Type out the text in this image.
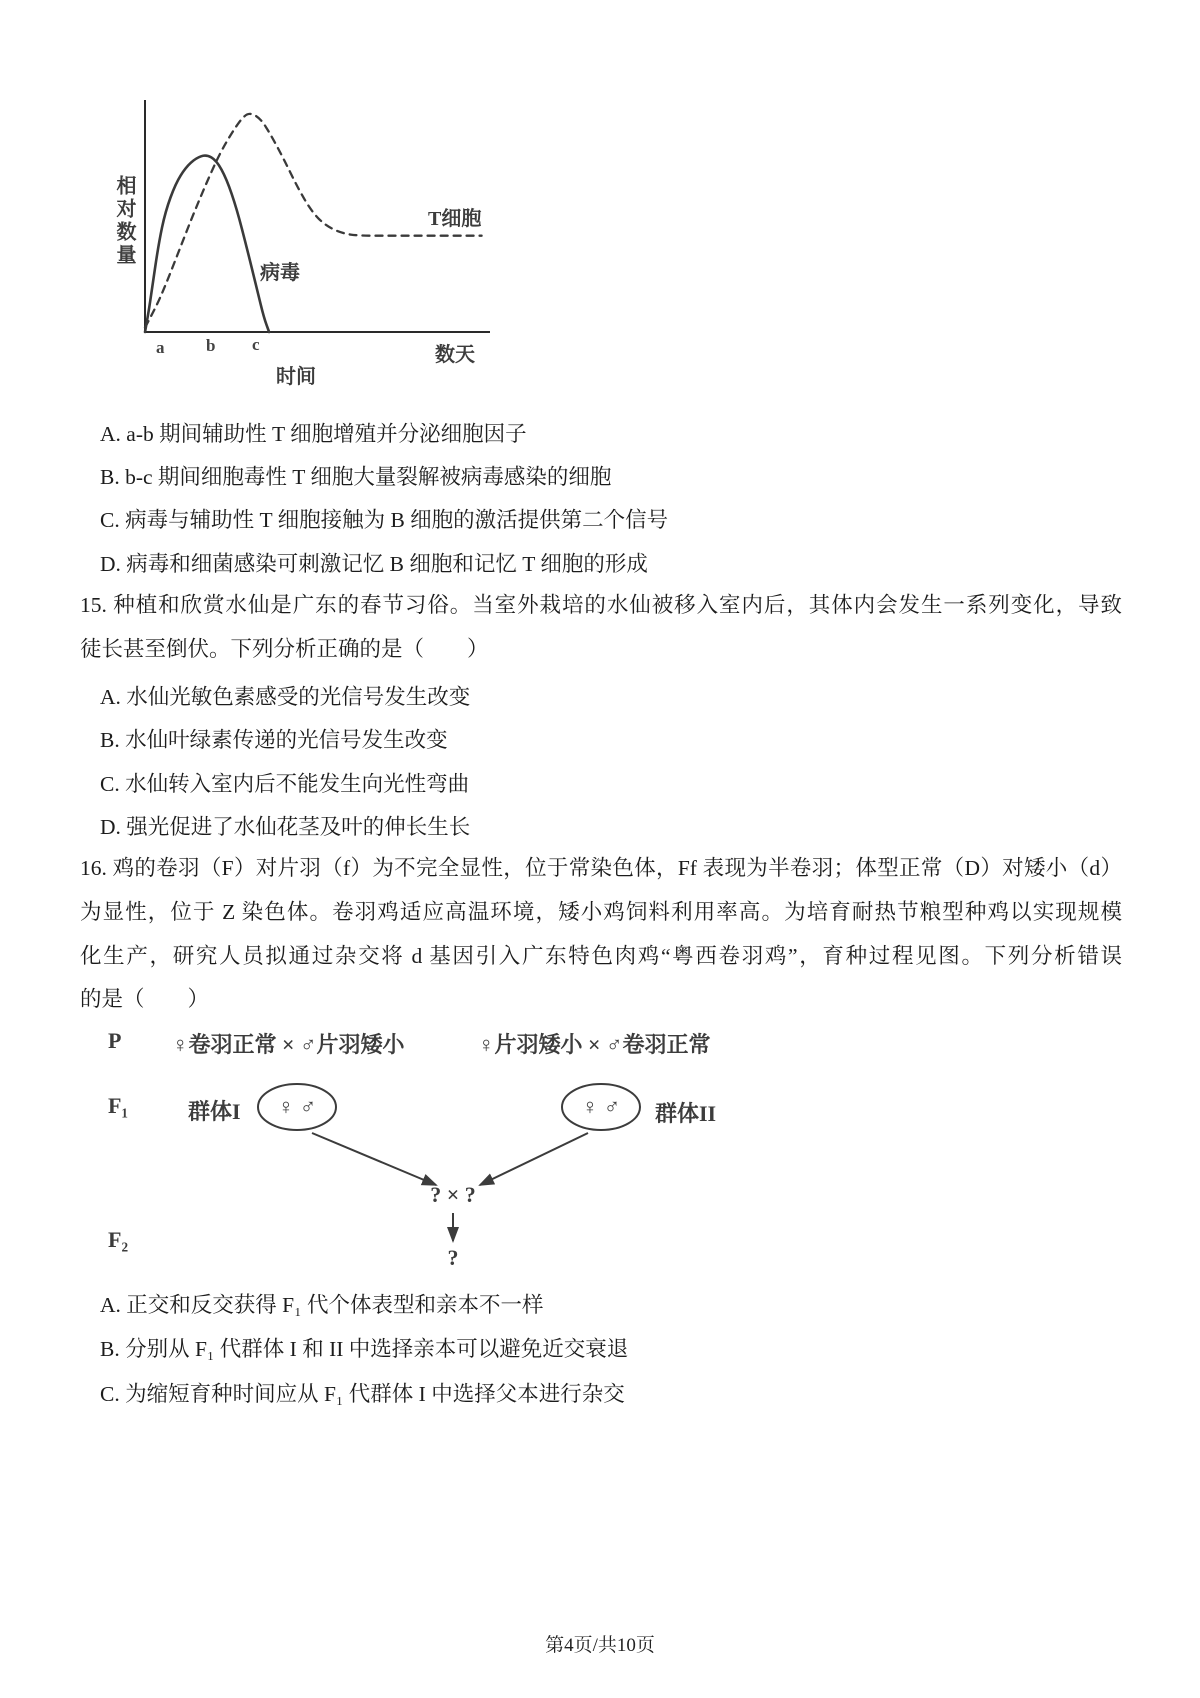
相对数量
a b c
时间
数天
T细胞
病毒

A. a-b 期间辅助性 T 细胞增殖并分泌细胞因子

B. b-c 期间细胞毒性 T 细胞大量裂解被病毒感染的细胞

C. 病毒与辅助性 T 细胞接触为 B 细胞的激活提供第二个信号

D. 病毒和细菌感染可刺激记忆 B 细胞和记忆 T 细胞的形成

15. 种植和欣赏水仙是广东的春节习俗。当室外栽培的水仙被移入室内后，其体内会发生一系列变化，导致

徒长甚至倒伏。下列分析正确的是（　　）

A. 水仙光敏色素感受的光信号发生改变

B. 水仙叶绿素传递的光信号发生改变

C. 水仙转入室内后不能发生向光性弯曲

D. 强光促进了水仙花茎及叶的伸长生长

16. 鸡的卷羽（F）对片羽（f）为不完全显性，位于常染色体，Ff 表现为半卷羽；体型正常（D）对矮小（d）

为显性，位于 Z 染色体。卷羽鸡适应高温环境，矮小鸡饲料利用率高。为培育耐热节粮型种鸡以实现规模

化生产，研究人员拟通过杂交将 d 基因引入广东特色肉鸡“粤西卷羽鸡”，育种过程见图。下列分析错误

的是（　　）

P ♀卷羽正常 × ♂片羽矮小	♀片羽矮小 × ♂卷羽正常
F₁	群体I	♀ ♂	♀ ♂	群体II
? × ?
?
F₂

A. 正交和反交获得 F₁ 代个体表型和亲本不一样

B. 分别从 F₁ 代群体 I 和 II 中选择亲本可以避免近交衰退

C. 为缩短育种时间应从 F₁ 代群体 I 中选择父本进行杂交

第4页/共10页
